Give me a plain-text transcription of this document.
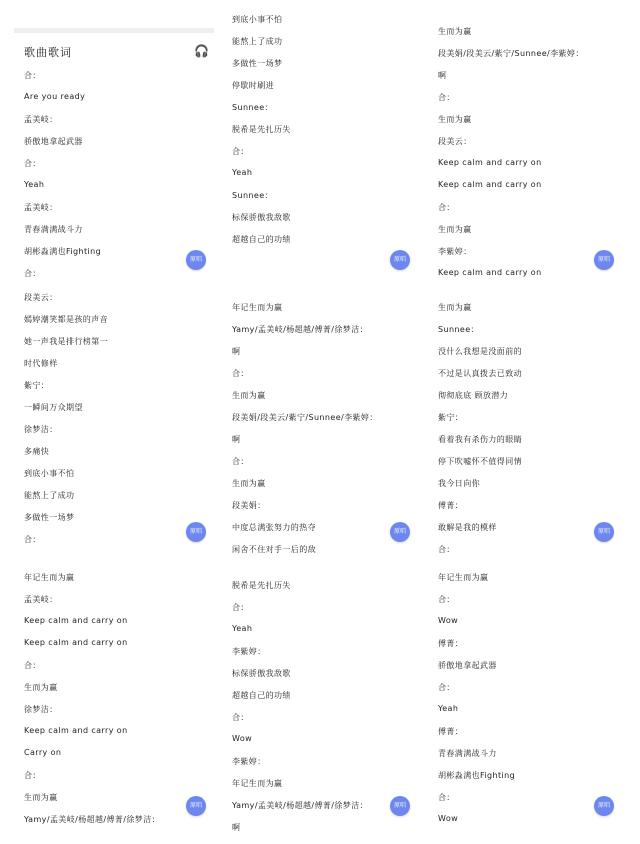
歌曲歌词	🎧
合：
Are you ready
孟美岐：
骄傲地拿起武器
合：
Yeah
孟美岐：
青春满满战斗力
胡彬淼满也Fighting
合：
原唱
段美云：
嫣婷潮笑都是孩的声音
她一声我是排行榜第一
时代修样
紫宁：
一瞬间万众期望
徐梦洁：
多痛快
到底小事不怕
能熬上了成功
多做性一场梦
合：
原唱
年记生而为赢
孟美岐：
Keep calm and carry on
Keep calm and carry on
合：
生而为赢
徐梦洁：
Keep calm and carry on
Carry on
合：
生而为赢
Yamy/孟美岐/杨超越/傅菁/徐梦洁：
原唱
到底小事不怕
能熬上了成功
多做性一场梦
停歇时刷进
Sunnee：
脱希是先扎历失
合：
Yeah
Sunnee：
标保骄傲我敌歌
超越自己的功绩
原唱
年记生而为赢
Yamy/孟美岐/杨超越/傅菁/徐梦洁：
啊
合：
生而为赢
段美娟/段美云/紫宁/Sunnee/李紫婷：
啊
合：
生而为赢
段美娟：
中度总满张努力的热夺
闲舍不住对手一后的敌
原唱
脱希是先扎历失
合：
Yeah
李紫婷：
标保骄傲我敌歌
超越自己的功绩
合：
Wow
李紫婷：
年记生而为赢
Yamy/孟美岐/杨超越/傅菁/徐梦洁：
啊
原唱
生而为赢
段美娟/段美云/紫宁/Sunnee/李紫婷：
啊
合：
生而为赢
段美云：
Keep calm and carry on
Keep calm and carry on
合：
生而为赢
李紫婷：
Keep calm and carry on
原唱
生而为赢
Sunnee：
没什么我想是没面前的
不过是认真拨去已致动
彻彻底底 顾放潜力
紫宁：
看着我有杀伤力的眼睛
停下吹嘘怀不值得同情
我今日向你
傅菁：
敢解是我的模样
合：
原唱
年记生而为赢
合：
Wow
傅菁：
骄傲地拿起武器
合：
Yeah
傅菁：
青春满满战斗力
胡彬淼满也Fighting
合：
Wow
原唱
